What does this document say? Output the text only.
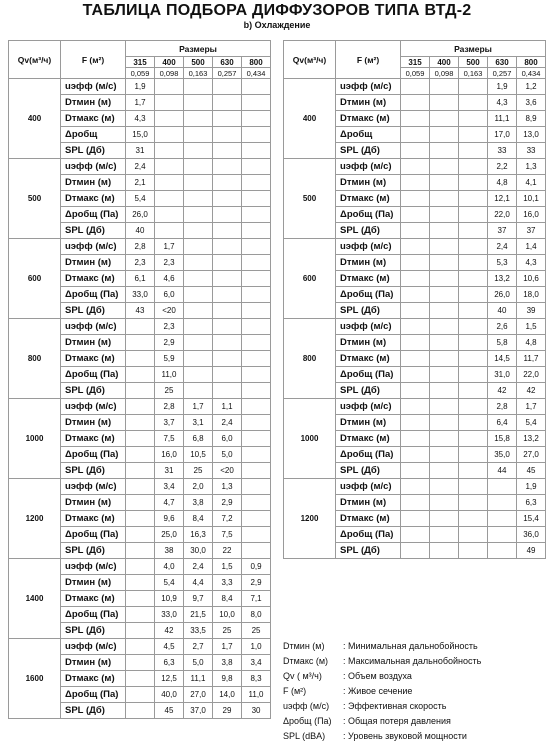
ТАБЛИЦА ПОДБОРА ДИФФУЗОРОВ ТИПА ВТД-2
b) Охлаждение
Qv(м³/ч)	F (м²)	Размеры				
		315	400	500	630	800
		0,059	0,098	0,163	0,257	0,434
400	uэфф (м/с)	1,9				
	Dтмин (м)	1,7				
	Dтмакс (м)	4,3				
	Δpобщ	15,0				
	SPL (Дб)	31				
500	uэфф (м/с)	2,4				
	Dтмин (м)	2,1				
	Dтмакс (м)	5,4				
	Δpобщ (Па)	26,0				
	SPL (Дб)	40				
600	uэфф (м/с)	2,8	1,7			
	Dтмин (м)	2,3	2,3			
	Dтмакс (м)	6,1	4,6			
	Δpобщ (Па)	33,0	6,0			
	SPL (Дб)	43	<20			
800	uэфф (м/с)		2,3			
	Dтмин (м)		2,9			
	Dтмакс (м)		5,9			
	Δpобщ (Па)		11,0			
	SPL (Дб)		25			
1000	uэфф (м/с)		2,8	1,7	1,1	
	Dтмин (м)		3,7	3,1	2,4	
	Dтмакс (м)		7,5	6,8	6,0	
	Δpобщ (Па)		16,0	10,5	5,0	
	SPL (Дб)		31	25	<20	
1200	uэфф (м/с)		3,4	2,0	1,3	
	Dтмин (м)		4,7	3,8	2,9	
	Dтмакс (м)		9,6	8,4	7,2	
	Δpобщ (Па)		25,0	16,3	7,5	
	SPL (Дб)		38	30,0	22	
1400	uэфф (м/с)		4,0	2,4	1,5	0,9
	Dтмин (м)		5,4	4,4	3,3	2,9
	Dтмакс (м)		10,9	9,7	8,4	7,1
	Δpобщ (Па)		33,0	21,5	10,0	8,0
	SPL (Дб)		42	33,5	25	25
1600	uэфф (м/с)		4,5	2,7	1,7	1,0
	Dтмин (м)		6,3	5,0	3,8	3,4
	Dтмакс (м)		12,5	11,1	9,8	8,3
	Δpобщ (Па)		40,0	27,0	14,0	11,0
	SPL (Дб)		45	37,0	29	30
Qv(м³/ч)	F (м²)	Размеры				
		315	400	500	630	800
		0,059	0,098	0,163	0,257	0,434
400	uэфф (м/с)				1,9	1,2
	Dтмин (м)				4,3	3,6
	Dтмакс (м)				11,1	8,9
	Δpобщ				17,0	13,0
	SPL (Дб)				33	33
500	uэфф (м/с)				2,2	1,3
	Dтмин (м)				4,8	4,1
	Dтмакс (м)				12,1	10,1
	Δpобщ (Па)				22,0	16,0
	SPL (Дб)				37	37
600	uэфф (м/с)				2,4	1,4
	Dтмин (м)				5,3	4,3
	Dтмакс (м)				13,2	10,6
	Δpобщ (Па)				26,0	18,0
	SPL (Дб)				40	39
800	uэфф (м/с)				2,6	1,5
	Dтмин (м)				5,8	4,8
	Dтмакс (м)				14,5	11,7
	Δpобщ (Па)				31,0	22,0
	SPL (Дб)				42	42
1000	uэфф (м/с)				2,8	1,7
	Dтмин (м)				6,4	5,4
	Dтмакс (м)				15,8	13,2
	Δpобщ (Па)				35,0	27,0
	SPL (Дб)				44	45
1200	uэфф (м/с)					1,9
	Dтмин (м)					6,3
	Dтмакс (м)					15,4
	Δpобщ (Па)					36,0
	SPL (Дб)					49
Dтмин (м) : Минимальная дальнобойность
Dтмакс (м) : Максимальная дальнобойность
Qv ( м³/ч) : Объем воздуха
F (м²)	: Живое сечение
uэфф (м/с) : Эффективная скорость
Δpобщ (Па) : Общая потеря давления
SPL (dBA) : Уровень звуковой мощности
